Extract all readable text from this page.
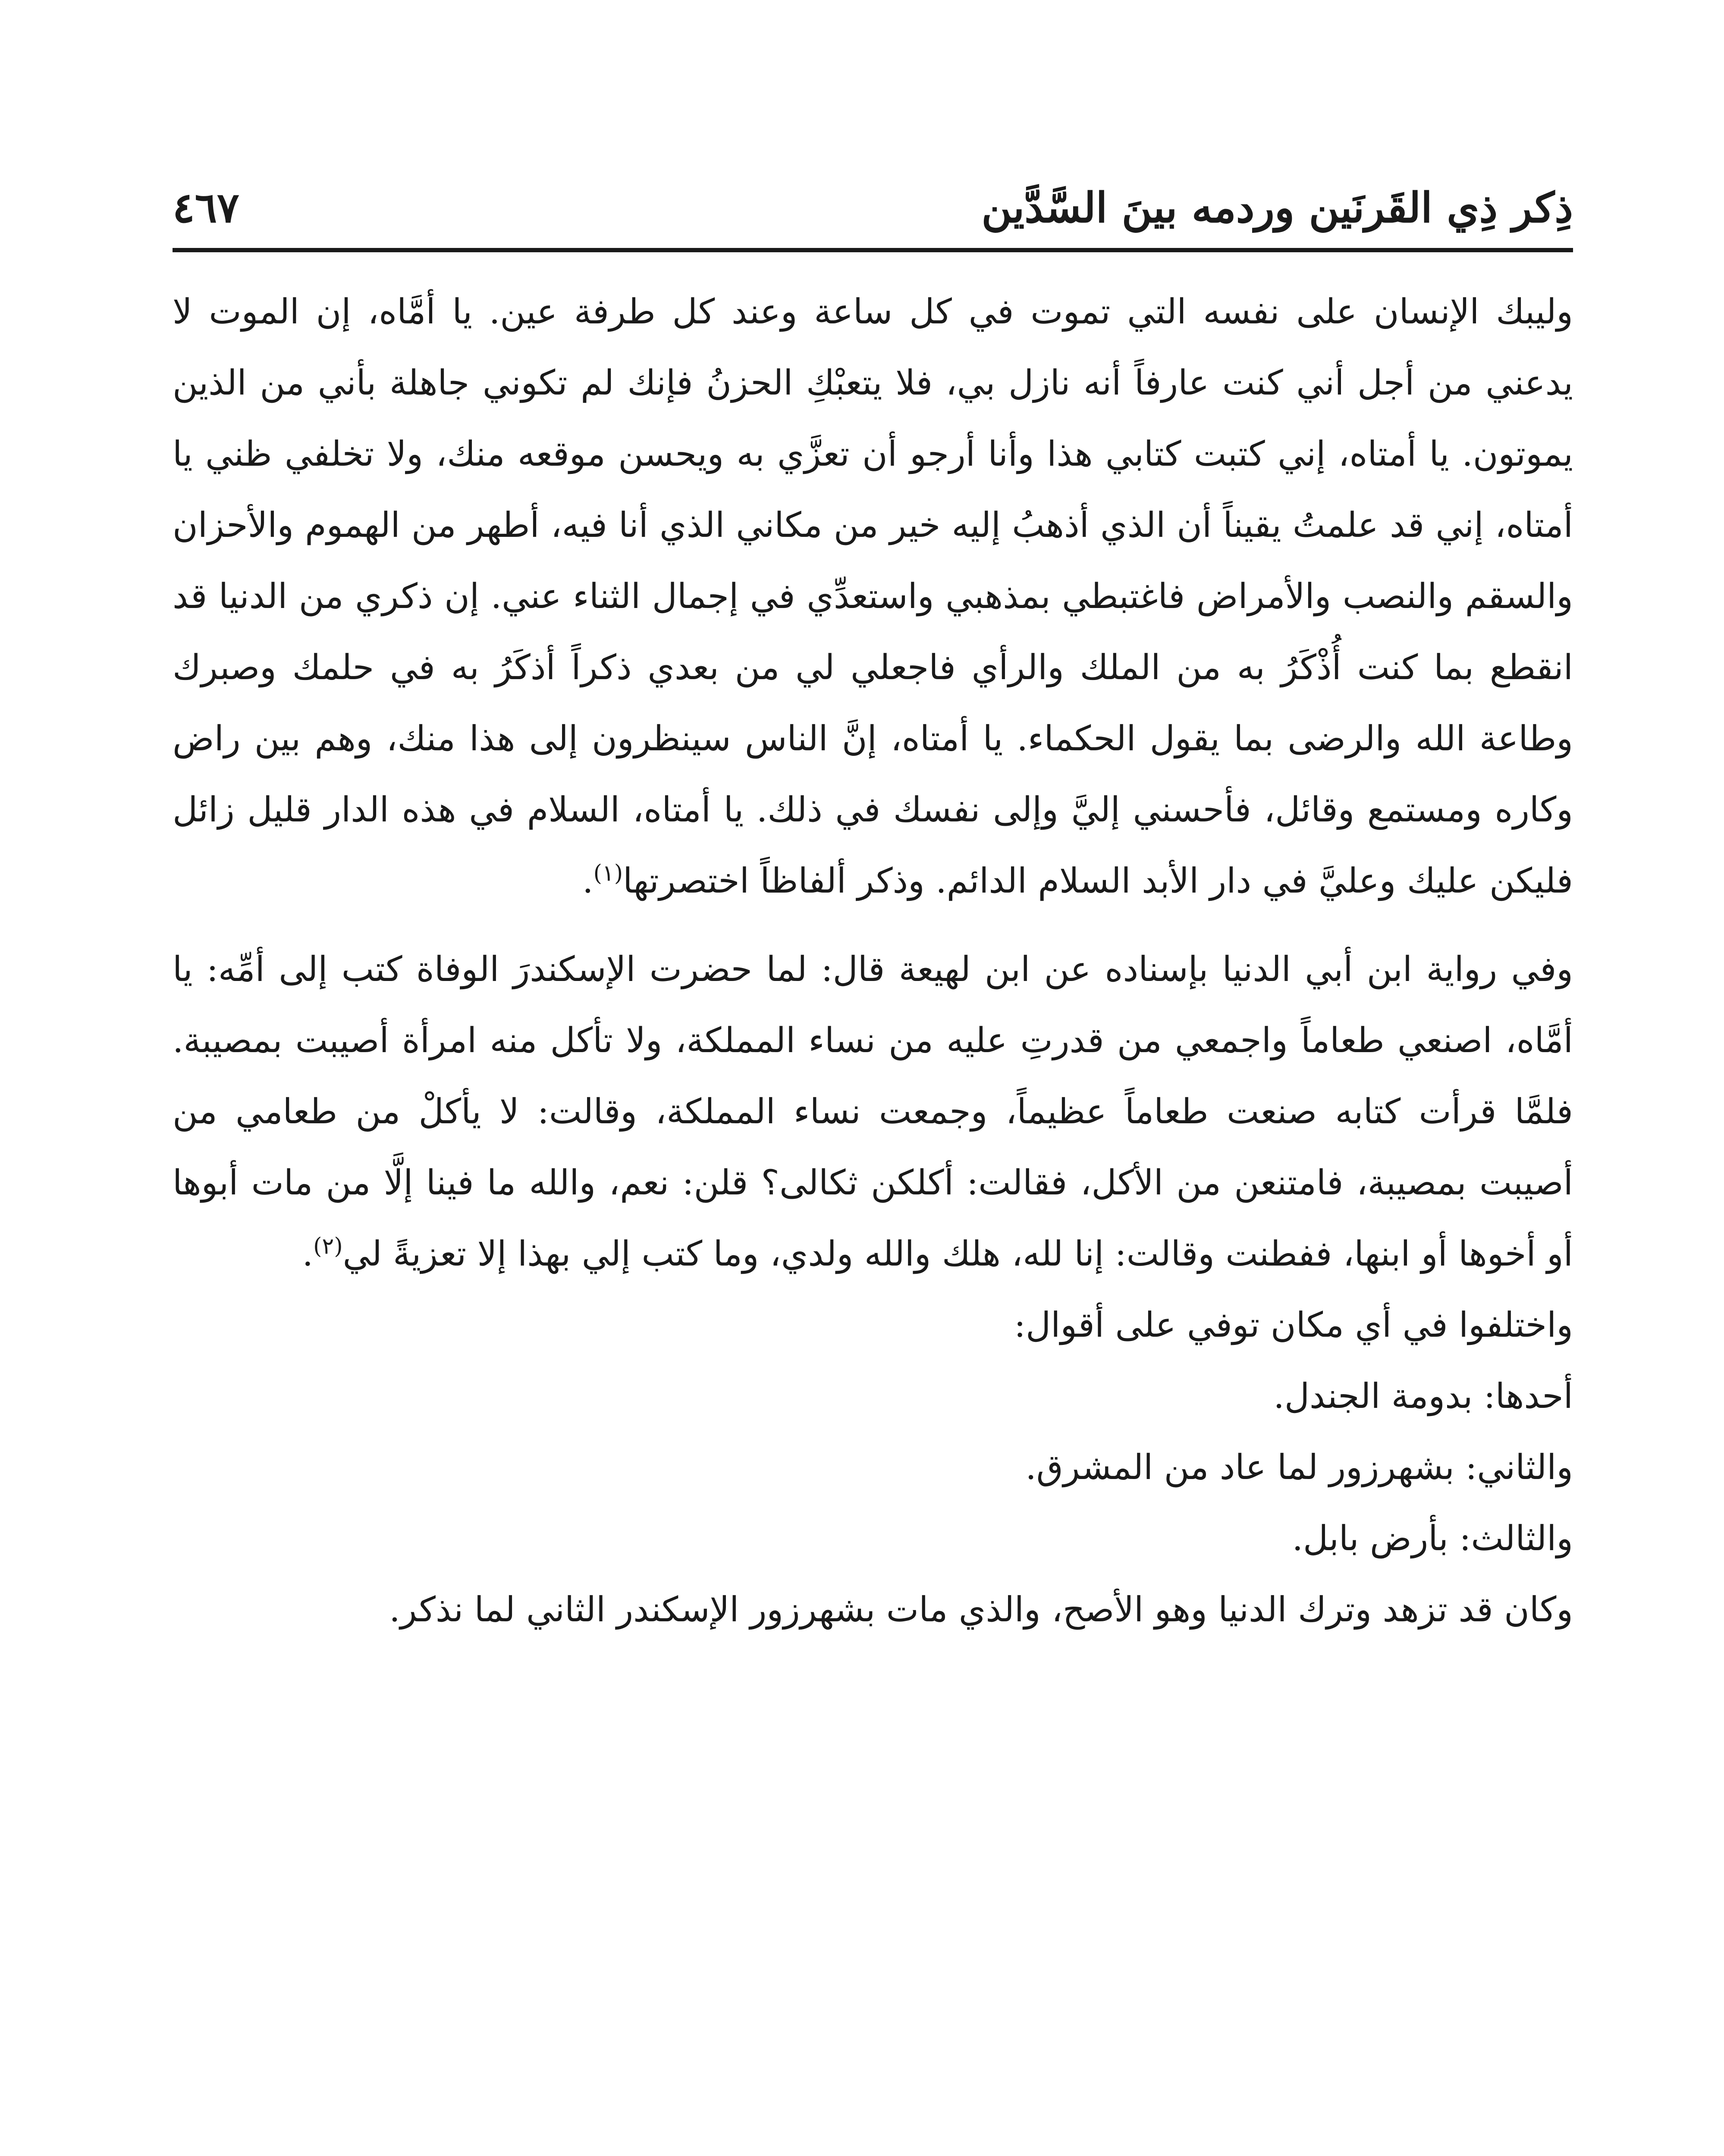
ذِكر ذِي القَرنَين وردمه بينَ السَّدَّين
٤٦٧

وليبك الإنسان على نفسه التي تموت في كل ساعة وعند كل طرفة عين. يا أمَّاه، إن الموت لا يدعني من أجل أني كنت عارفاً أنه نازل بي، فلا يتعبْكِ الحزنُ فإنك لم تكوني جاهلة بأني من الذين يموتون. يا أمتاه، إني كتبت كتابي هذا وأنا أرجو أن تعزَّي به ويحسن موقعه منك، ولا تخلفي ظني يا أمتاه، إني قد علمتُ يقيناً أن الذي أذهبُ إليه خير من مكاني الذي أنا فيه، أطهر من الهموم والأحزان والسقم والنصب والأمراض فاغتبطي بمذهبي واستعدِّي في إجمال الثناء عني. إن ذكري من الدنيا قد انقطع بما كنت أُذْكَرُ به من الملك والرأي فاجعلي لي من بعدي ذكراً أذكَرُ به في حلمك وصبرك وطاعة الله والرضى بما يقول الحكماء. يا أمتاه، إنَّ الناس سينظرون إلى هذا منك، وهم بين راض وكاره ومستمع وقائل، فأحسني إليَّ وإلى نفسك في ذلك. يا أمتاه، السلام في هذه الدار قليل زائل فليكن عليك وعليَّ في دار الأبد السلام الدائم. وذكر ألفاظاً اختصرتها$^{(١)}$.

وفي رواية ابن أبي الدنيا بإسناده عن ابن لهيعة قال: لما حضرت الإسكندرَ الوفاة كتب إلى أمِّه: يا أمَّاه، اصنعي طعاماً واجمعي من قدرتِ عليه من نساء المملكة، ولا تأكل منه امرأة أصيبت بمصيبة. فلمَّا قرأت كتابه صنعت طعاماً عظيماً، وجمعت نساء المملكة، وقالت: لا يأكلْ من طعامي من أصيبت بمصيبة، فامتنعن من الأكل، فقالت: أكلكن ثكالى؟ قلن: نعم، والله ما فينا إلَّا من مات أبوها أو أخوها أو ابنها، ففطنت وقالت: إنا لله، هلك والله ولدي، وما كتب إلي بهذا إلا تعزيةً لي$^{(٢)}$.

واختلفوا في أي مكان توفي على أقوال:

أحدها: بدومة الجندل.

والثاني: بشهرزور لما عاد من المشرق.

والثالث: بأرض بابل.

وكان قد تزهد وترك الدنيا وهو الأصح، والذي مات بشهرزور الإسكندر الثاني لما نذكر.
